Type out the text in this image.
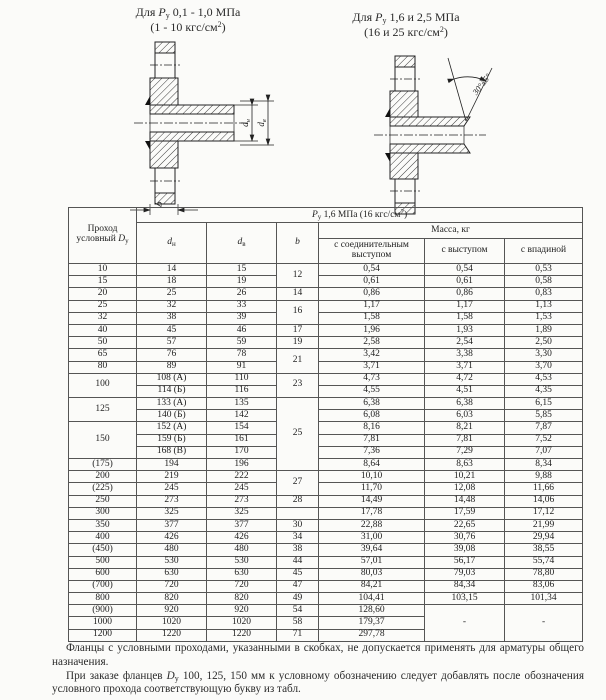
Для $P_у$ 0,1 - 1,0 МПа
(1 - 10 кгс/$см^2$)
Для $P_у$ 1,6 и 2,5 МПа
(16 и 25 кгс/$см^2$)
$d_н$
$d_в$
b
30°±5°
Проход
условный $D_у$	$P_у$ 1,6 МПа (16 кгс/$см^2$)					
	$d_н$	$d_в$	b	Масса, кг		
				с соединительным выступом	с выступом	с впадиной
10	14	15	12	0,54	0,54	0,53
15	18	19		0,61	0,61	0,58
20	25	26	14	0,86	0,86	0,83
25	32	33	16	1,17	1,17	1,13
32	38	39		1,58	1,58	1,53
40	45	46	17	1,96	1,93	1,89
50	57	59	19	2,58	2,54	2,50
65	76	78	21	3,42	3,38	3,30
80	89	91		3,71	3,71	3,70
100	108 (А)	110	23	4,73	4,72	4,53
	114 (Б)	116		4,55	4,51	4,35
125	133 (А)	135	25	6,38	6,38	6,15
	140 (Б)	142		6,08	6,03	5,85
150	152 (А)	154		8,16	8,21	7,87
	159 (Б)	161		7,81	7,81	7,52
	168 (В)	170		7,36	7,29	7,07
(175)	194	196		8,64	8,63	8,34
200	219	222	27	10,10	10,21	9,88
(225)	245	245		11,70	12,08	11,66
250	273	273	28	14,49	14,48	14,06
300	325	325		17,78	17,59	17,12
350	377	377	30	22,88	22,65	21,99
400	426	426	34	31,00	30,76	29,94
(450)	480	480	38	39,64	39,08	38,55
500	530	530	44	57,01	56,17	55,74
600	630	630	45	80,03	79,03	78,80
(700)	720	720	47	84,21	84,34	83,06
800	820	820	49	104,41	103,15	101,34
(900)	920	920	54	128,60	-	-
1000	1020	1020	58	179,37		
1200	1220	1220	71	297,78		

Фланцы с условными проходами, указанными в скобках, не допускается применять для арматуры общего назначения.

При заказе фланцев $D_у$ 100, 125, 150 мм к условному обозначению следует добавлять после обозначения условного прохода соответствующую букву из табл.
